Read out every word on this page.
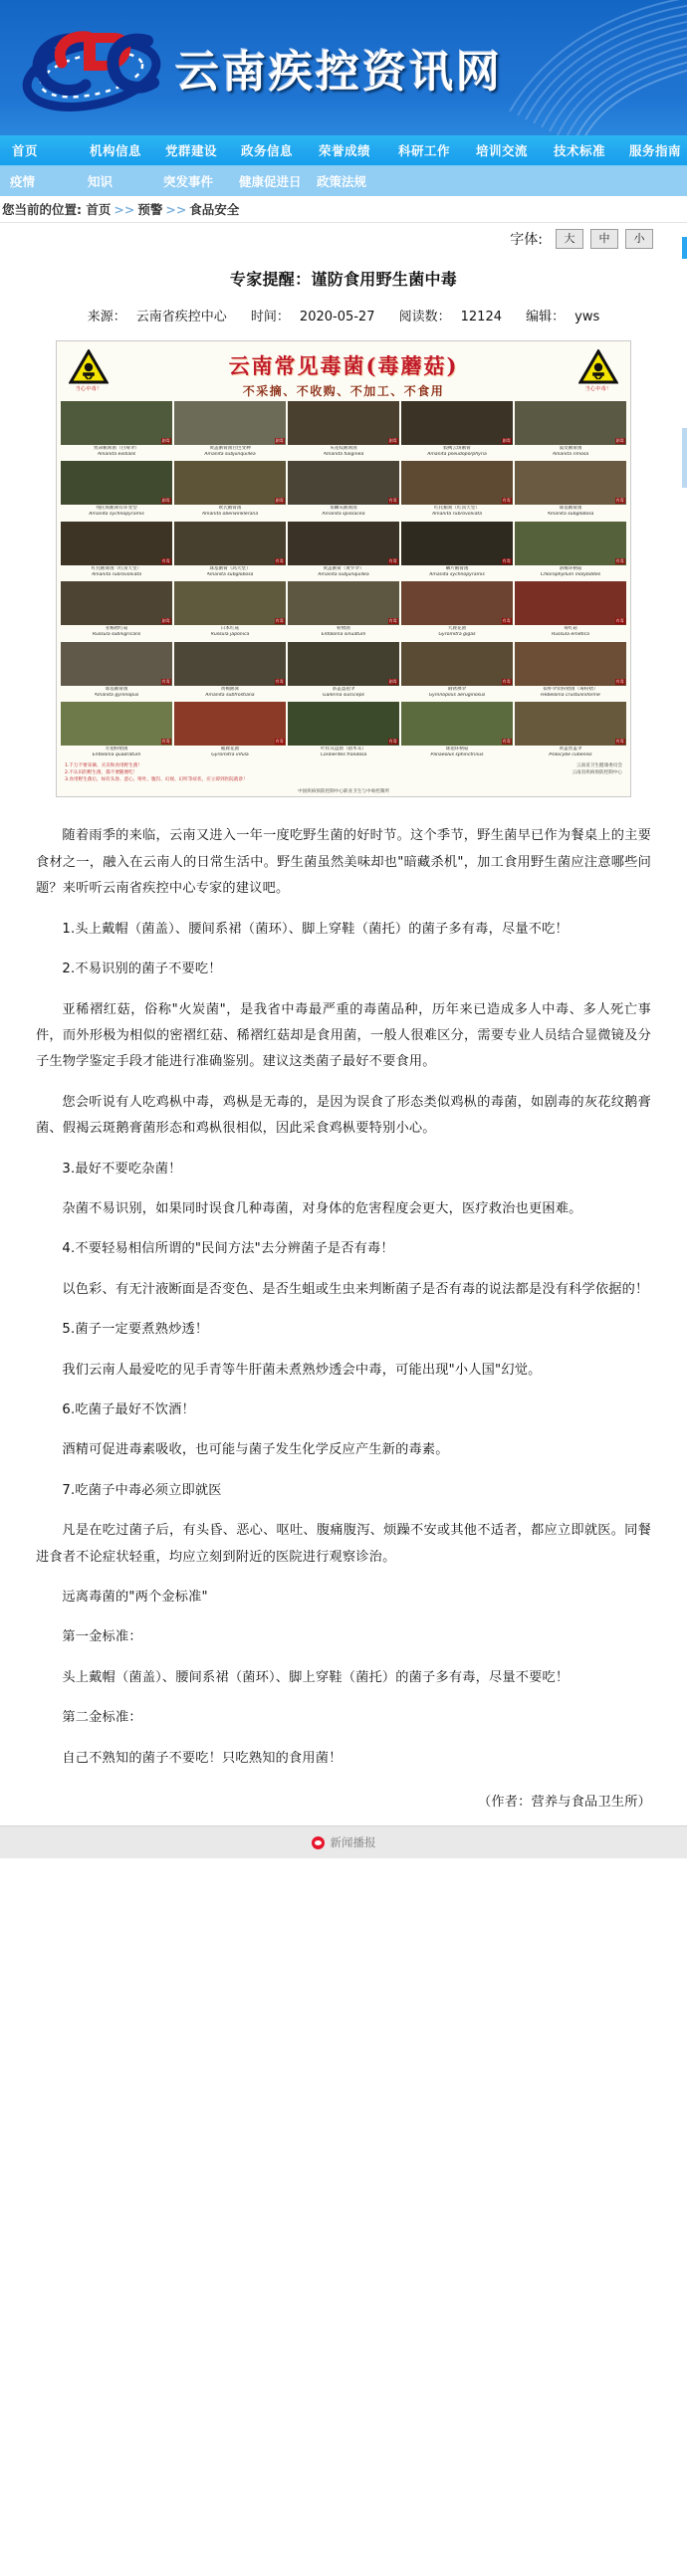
云南疾控资讯网
首页	机构信息 党群建设 政务信息 荣誉成绩 科研工作 培训交流 技术标准 服务指南
疫情	知识	突发事件 健康促进日 政策法规
您当前的位置: 首页 >> 预警 >> 食品安全
字体:	大	中	小
专家提醒：谨防食用野生菌中毒
来源： 云南省疾控中心 时间： 2020-05-27 阅读数： 12124 编辑： yws
当心中毒！	当心中毒！
云南常见毒菌(毒蘑菇)
不采摘、不收购、不加工、不食用
剧毒
致命鹅膏菌（白毒伞）
Amanita exitialis
剧毒
黄盖鹅膏菌白色变种
Amanita subjunquillea
剧毒
灰花纹鹅膏菌
Amanita fuliginea
剧毒
假褐云斑鹅膏
Amanita pseudoporphyria
剧毒
裂皮鹅膏菌
Amanita rimosa
剧毒
残托斑鹅膏有环变型
Amanita sychnopyramis
剧毒
欧氏鹅膏菌
Amanita oberwinklerana
有毒
角鳞灰鹅膏菌
Amanita spissacea
有毒
红托鹅膏（红顶天堂）
Amanita rubrovolvata
有毒
球基鹅膏菌
Amanita subglobosa
有毒
红托鹅膏菌（红顶天堂）
Amanita rubrovolvata
有毒
球基鹅膏（高大堂）
Amanita subglobosa
有毒
黄盖鹅膏（黄罗伞）
Amanita subjunquillea
有毒
鳞片鹅膏菌
Amanita sychnopyramis
有毒
条缘环柄菇
Chlorophyllum molybdites
剧毒
亚稀褶红菇
Russula subnigricans
有毒
日本红菇
Russula japonica
有毒
粉褶菌
Entoloma sinuatum
有毒
大鹿花菌
Gyromitra gigas
有毒
毒红菇
Russula emetica
有毒
球基鹅膏菌
Amanita gymnopus
有毒
黄褐鹅膏
Amanita subfrostiana
剧毒
条盖盔孢伞
Galerina sulciceps
有毒
铜锈裸伞
Gymnopilus aeruginosus
有毒
拟杯伞状粉褶菌（毒粉褶）
Hebeloma crustuliniforme
有毒
方孢粉褶菌
Entoloma quadratum
有毒
赭鹿花菌
Gyromitra infula
有毒
叶状耳盘菌（猪木耳）
Cordierites frondosa
有毒
球孢环柄菇
Panaeolus sphinctrinus
有毒
黄盖丝盖伞
Psilocybe cubensis
1.千万不要采摘、买卖和食用野生菌！
2.不认识的野生菌，都不要随便吃！
3.食用野生菌后，如有头昏、恶心、呕吐、腹泻、幻视、幻听等症状，应立即到医院就诊！
云南省卫生健康委员会
云南省疾病预防控制中心
中国疾病预防控制中心职业卫生与中毒控制所

随着雨季的来临，云南又进入一年一度吃野生菌的好时节。这个季节，野生菌早已作为餐桌上的主要食材之一，融入在云南人的日常生活中。野生菌虽然美味却也"暗藏杀机"，加工食用野生菌应注意哪些问题？来听听云南省疾控中心专家的建议吧。

1.头上戴帽（菌盖）、腰间系裙（菌环）、脚上穿鞋（菌托）的菌子多有毒，尽量不吃！

2.不易识别的菌子不要吃！

亚稀褶红菇，俗称"火炭菌"，是我省中毒最严重的毒菌品种，历年来已造成多人中毒、多人死亡事件，而外形极为相似的密褶红菇、稀褶红菇却是食用菌，一般人很难区分，需要专业人员结合显微镜及分子生物学鉴定手段才能进行准确鉴别。建议这类菌子最好不要食用。

您会听说有人吃鸡枞中毒，鸡枞是无毒的，是因为误食了形态类似鸡枞的毒菌，如剧毒的灰花纹鹅膏菌、假褐云斑鹅膏菌形态和鸡枞很相似，因此采食鸡枞要特别小心。

3.最好不要吃杂菌！

杂菌不易识别，如果同时误食几种毒菌，对身体的危害程度会更大，医疗救治也更困难。

4.不要轻易相信所谓的"民间方法"去分辨菌子是否有毒！

以色彩、有无汁液断面是否变色、是否生蛆或生虫来判断菌子是否有毒的说法都是没有科学依据的！

5.菌子一定要煮熟炒透！

我们云南人最爱吃的见手青等牛肝菌未煮熟炒透会中毒，可能出现"小人国"幻觉。

6.吃菌子最好不饮酒！

酒精可促进毒素吸收，也可能与菌子发生化学反应产生新的毒素。

7.吃菌子中毒必须立即就医

凡是在吃过菌子后，有头昏、恶心、呕吐、腹痛腹泻、烦躁不安或其他不适者，都应立即就医。同餐进食者不论症状轻重，均应立刻到附近的医院进行观察诊治。

远离毒菌的"两个金标准"

第一金标准：

头上戴帽（菌盖）、腰间系裙（菌环）、脚上穿鞋（菌托）的菌子多有毒，尽量不要吃！

第二金标准：

自己不熟知的菌子不要吃！只吃熟知的食用菌！

（作者：营养与食品卫生所）

新闻播报
